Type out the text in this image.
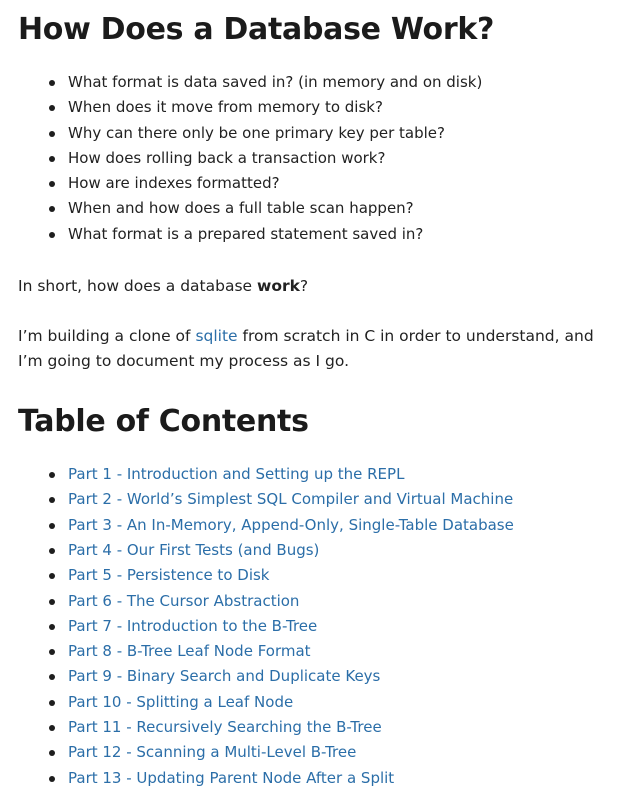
How Does a Database Work?
What format is data saved in? (in memory and on disk)
When does it move from memory to disk?
Why can there only be one primary key per table?
How does rolling back a transaction work?
How are indexes formatted?
When and how does a full table scan happen?
What format is a prepared statement saved in?

In short, how does a database work?

I’m building a clone of sqlite from scratch in C in order to understand, and I’m going to document my process as I go.

Table of Contents
Part 1 - Introduction and Setting up the REPL
Part 2 - World’s Simplest SQL Compiler and Virtual Machine
Part 3 - An In-Memory, Append-Only, Single-Table Database
Part 4 - Our First Tests (and Bugs)
Part 5 - Persistence to Disk
Part 6 - The Cursor Abstraction
Part 7 - Introduction to the B-Tree
Part 8 - B-Tree Leaf Node Format
Part 9 - Binary Search and Duplicate Keys
Part 10 - Splitting a Leaf Node
Part 11 - Recursively Searching the B-Tree
Part 12 - Scanning a Multi-Level B-Tree
Part 13 - Updating Parent Node After a Split
